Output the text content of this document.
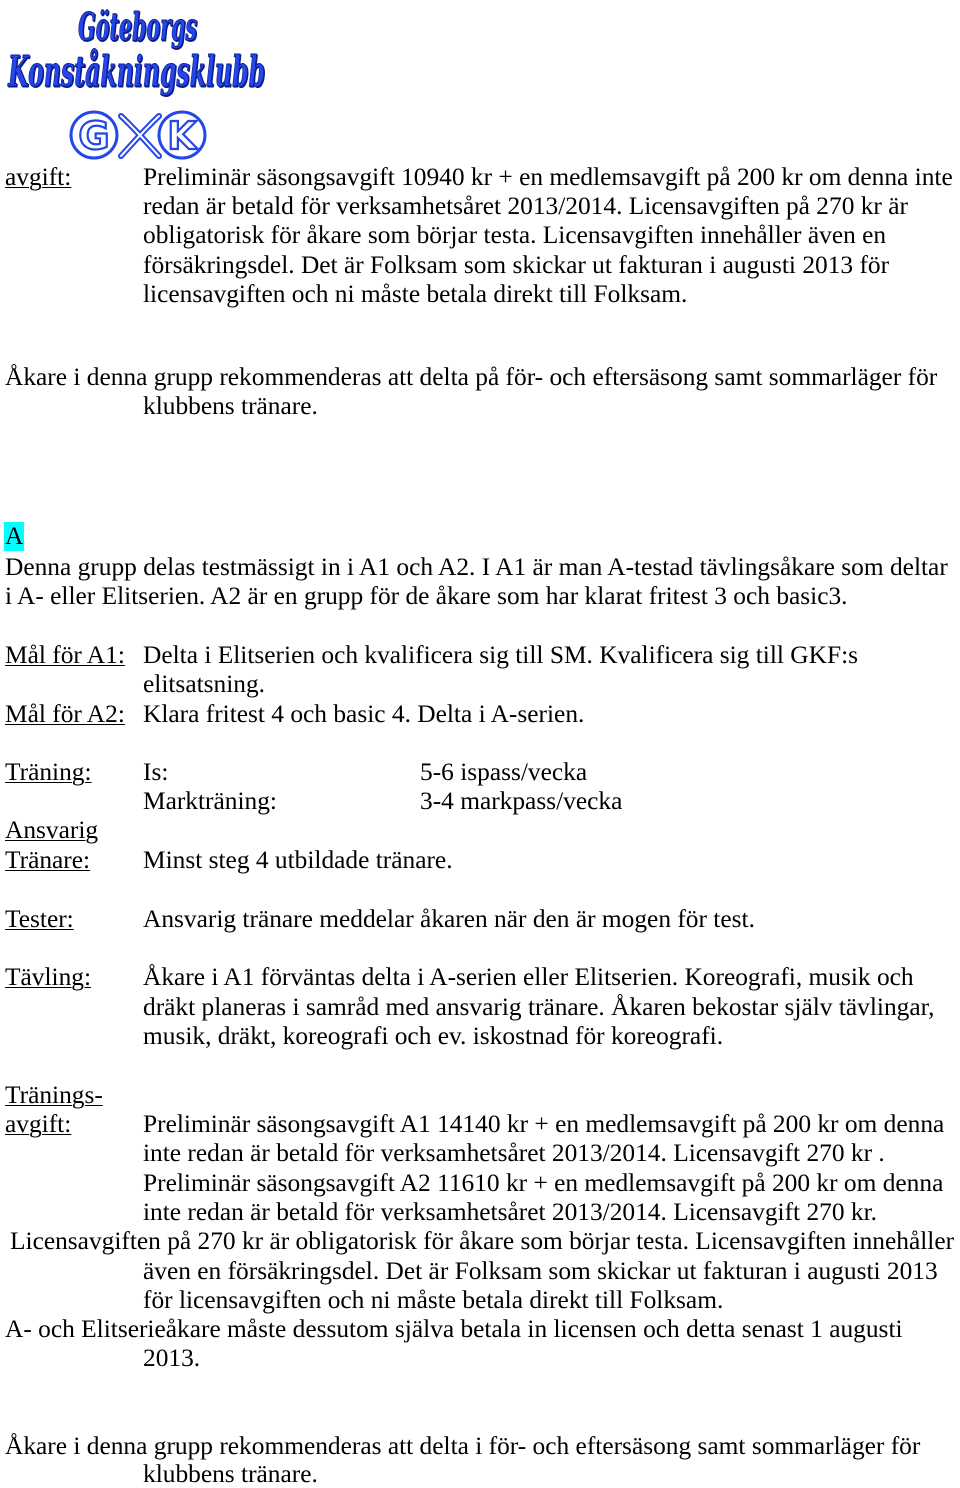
Göteborgs
Konståkningsklubb
G K
avgift:	Preliminär säsongsavgift 10940 kr + en medlemsavgift på 200 kr om denna inte
redan är betald för verksamhetsåret 2013/2014. Licensavgiften på 270 kr är
obligatorisk för åkare som börjar testa. Licensavgiften innehåller även en
försäkringsdel. Det är Folksam som skickar ut fakturan i augusti 2013 för
licensavgiften och ni måste betala direkt till Folksam.
Åkare i denna grupp rekommenderas att delta på för- och eftersäsong samt sommarläger för
klubbens tränare.
A
Denna grupp delas testmässigt in i A1 och A2. I A1 är man A-testad tävlingsåkare som deltar
i A- eller Elitserien. A2 är en grupp för de åkare som har klarat fritest 3 och basic3.
Mål för A1: Delta i Elitserien och kvalificera sig till SM. Kvalificera sig till GKF:s
elitsatsning.
Mål för A2: Klara fritest 4 och basic 4. Delta i A-serien.
Träning: Is:	5-6 ispass/vecka
Markträning:	3-4 markpass/vecka
Ansvarig
Tränare: Minst steg 4 utbildade tränare.
Tester:	Ansvarig tränare meddelar åkaren när den är mogen för test.
Tävling: Åkare i A1 förväntas delta i A-serien eller Elitserien. Koreografi, musik och
dräkt planeras i samråd med ansvarig tränare. Åkaren bekostar själv tävlingar,
musik, dräkt, koreografi och ev. iskostnad för koreografi.
Tränings-
avgift:	Preliminär säsongsavgift A1 14140 kr + en medlemsavgift på 200 kr om denna
inte redan är betald för verksamhetsåret 2013/2014. Licensavgift 270 kr .
Preliminär säsongsavgift A2 11610 kr + en medlemsavgift på 200 kr om denna
inte redan är betald för verksamhetsåret 2013/2014. Licensavgift 270 kr.
Licensavgiften på 270 kr är obligatorisk för åkare som börjar testa. Licensavgiften innehåller
även en försäkringsdel. Det är Folksam som skickar ut fakturan i augusti 2013
för licensavgiften och ni måste betala direkt till Folksam.
A- och Elitserieåkare måste dessutom själva betala in licensen och detta senast 1 augusti
2013.
Åkare i denna grupp rekommenderas att delta i för- och eftersäsong samt sommarläger för
klubbens tränare.
